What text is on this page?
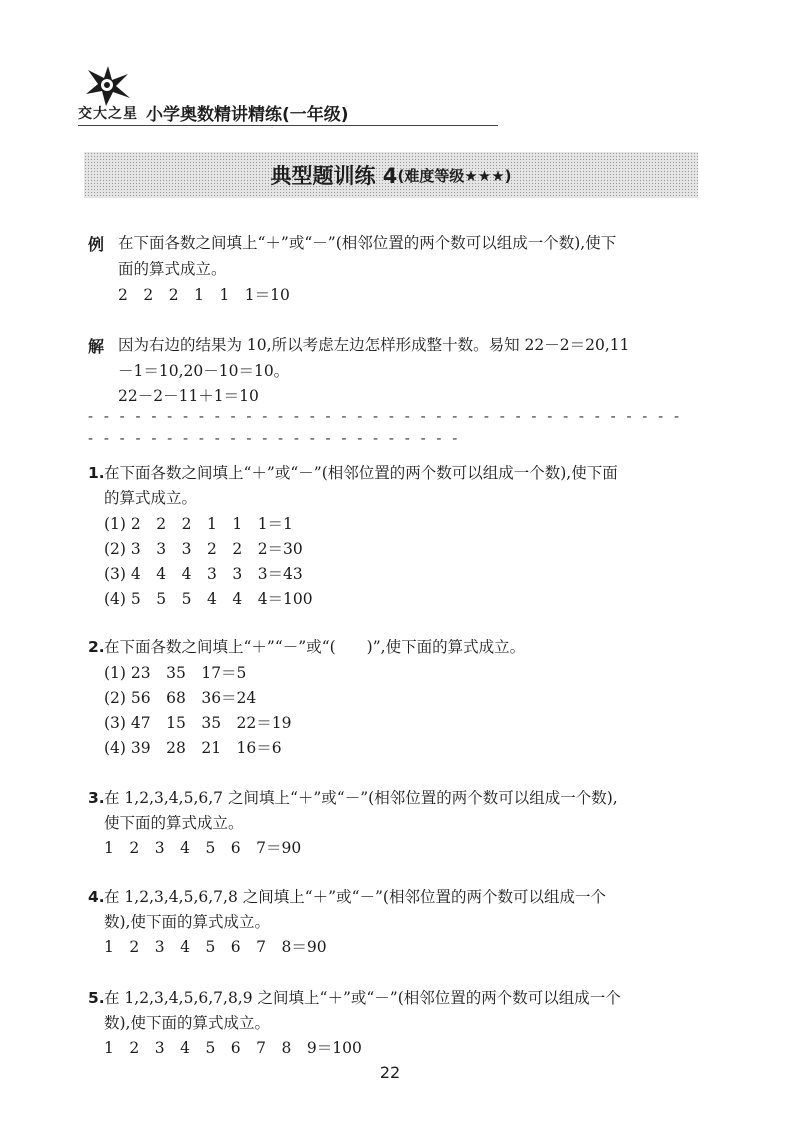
交大之星 小学奥数精讲精练(一年级)
典型题训练 4 (难度等级★★★)
例 在下面各数之间填上“＋”或“－”(相邻位置的两个数可以组成一个数),使下
面的算式成立。
2　2　2　1　1　1＝10
解 因为右边的结果为 10,所以考虑左边怎样形成整十数。易知 22－2＝20,11
－1＝10,20－10＝10。
22－2－11＋1＝10
- - - - - - - - - - - - - - - - - - - - - - - - - - - - - - - - - - - - - -
- - - - - - - - - - - - - - - - - - - - - - - -
1. 在下面各数之间填上“＋”或“－”(相邻位置的两个数可以组成一个数),使下面
的算式成立。
(1) 2　2　2　1　1　1＝1
(2) 3　3　3　2　2　2＝30
(3) 4　4　4　3　3　3＝43
(4) 5　5　5　4　4　4＝100
2. 在下面各数之间填上“＋”“－”或“(　　)”,使下面的算式成立。
(1) 23　35　17＝5
(2) 56　68　36＝24
(3) 47　15　35　22＝19
(4) 39　28　21　16＝6
3. 在 1,2,3,4,5,6,7 之间填上“＋”或“－”(相邻位置的两个数可以组成一个数),
使下面的算式成立。
1　2　3　4　5　6　7＝90
4. 在 1,2,3,4,5,6,7,8 之间填上“＋”或“－”(相邻位置的两个数可以组成一个
数),使下面的算式成立。
1　2　3　4　5　6　7　8＝90
5. 在 1,2,3,4,5,6,7,8,9 之间填上“＋”或“－”(相邻位置的两个数可以组成一个
数),使下面的算式成立。
1　2　3　4　5　6　7　8　9＝100
22
